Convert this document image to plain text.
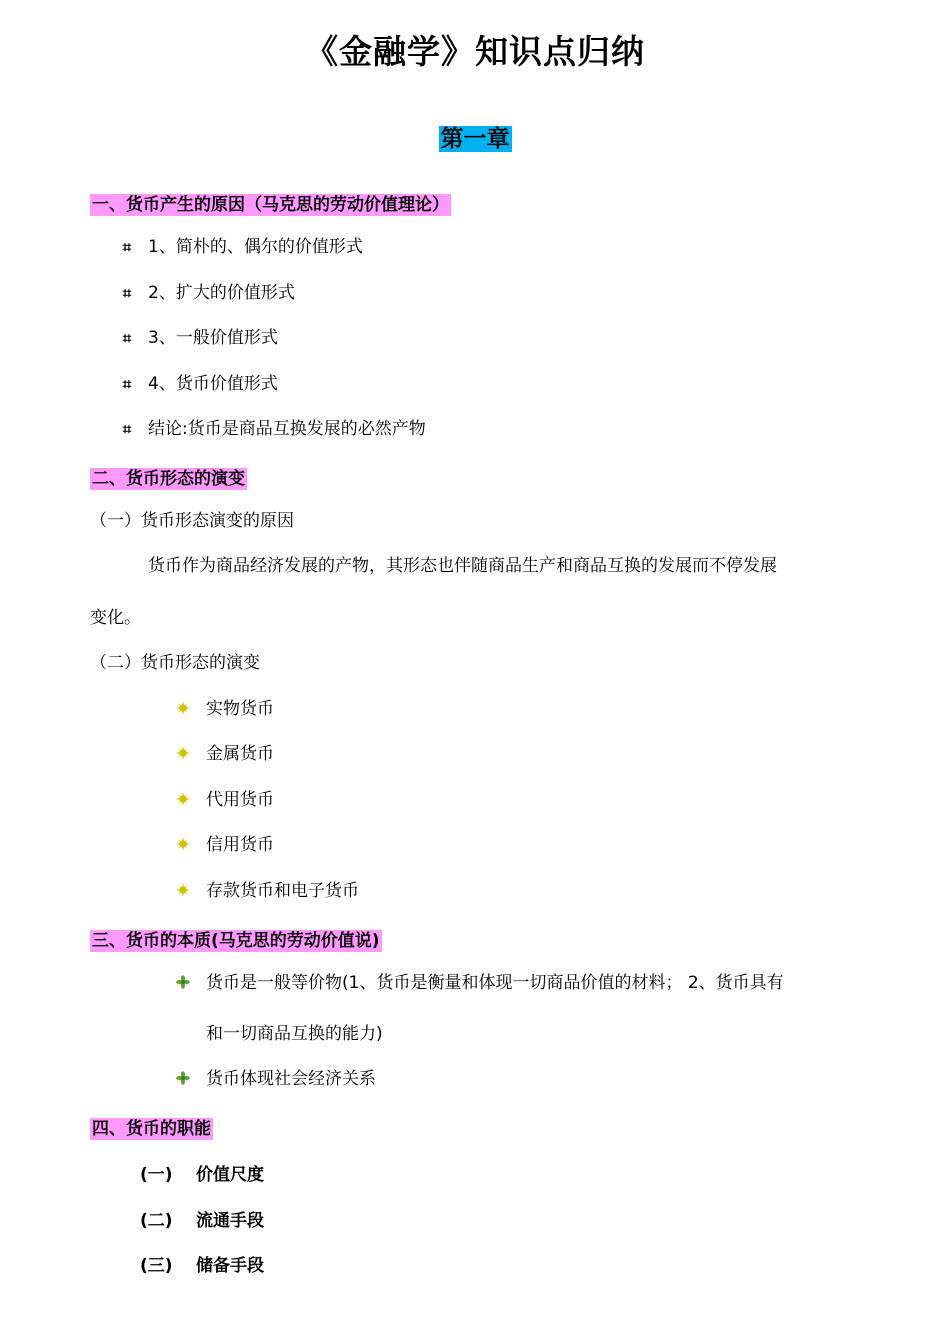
《金融学》知识点归纳
第一章
一、货币产生的原因（马克思的劳动价值理论）
⌗ 1、简朴的、偶尔的价值形式
⌗ 2、扩大的价值形式
⌗ 3、一般价值形式
⌗ 4、货币价值形式
⌗ 结论:货币是商品互换发展的必然产物
二、货币形态的演变
（一）货币形态演变的原因
货币作为商品经济发展的产物，其形态也伴随商品生产和商品互换的发展而不停发展
变化。
（二）货币形态的演变
实物货币
金属货币
代用货币
信用货币
存款货币和电子货币
三、货币的本质(马克思的劳动价值说)
货币是一般等价物(1、货币是衡量和体现一切商品价值的材料； 2、货币具有
和一切商品互换的能力)
货币体现社会经济关系
四、货币的职能
(一) 价值尺度
(二) 流通手段
(三) 储备手段
